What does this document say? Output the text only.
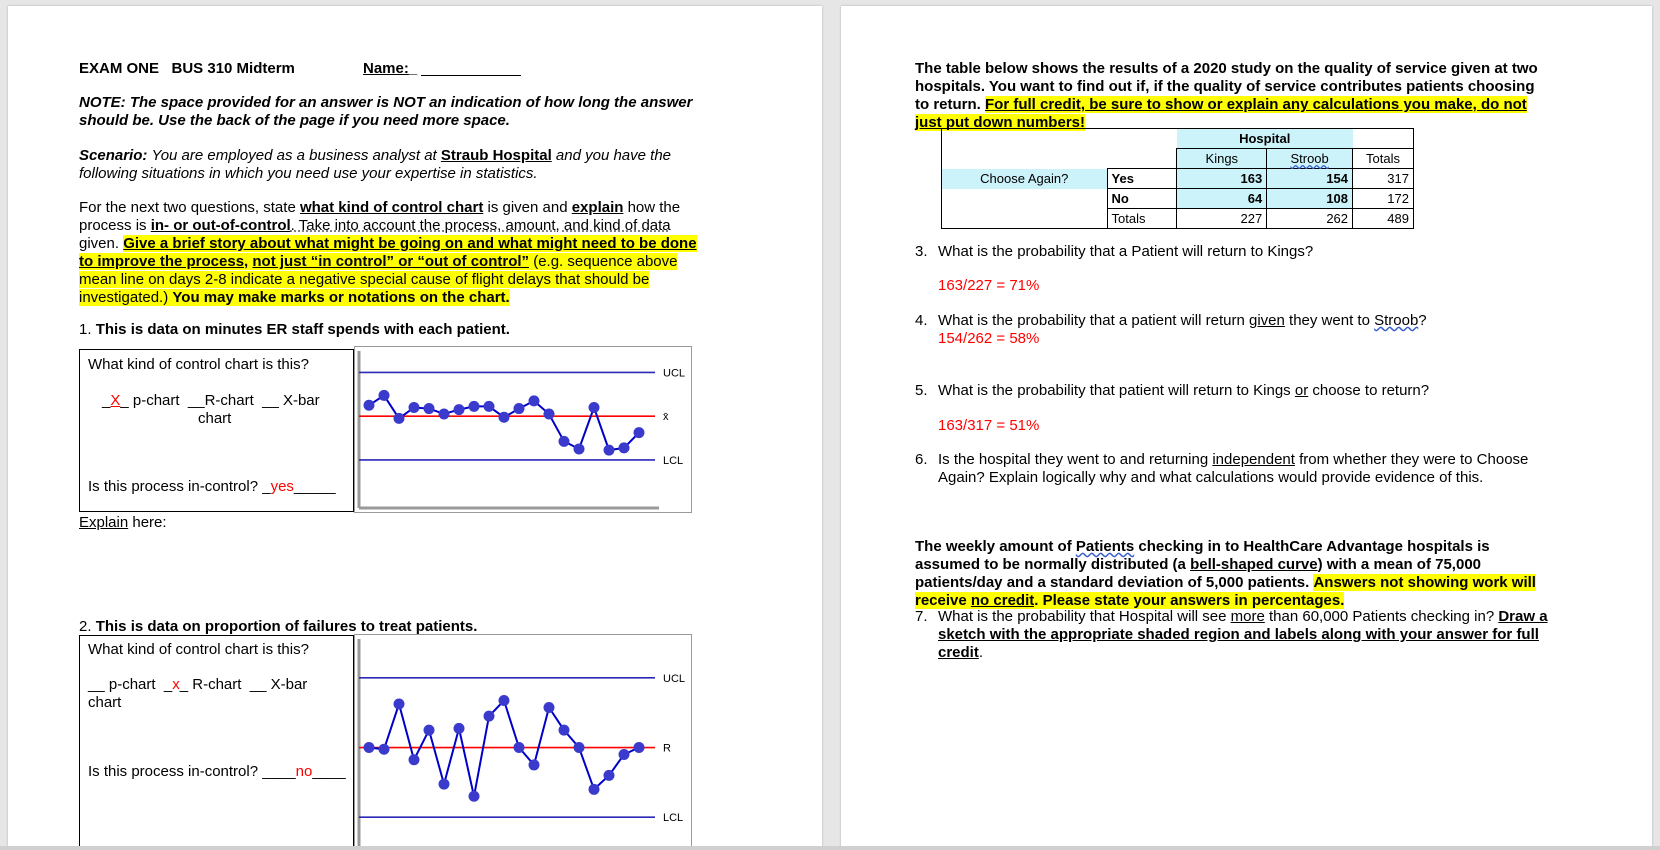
EXAM ONE   BUS 310 Midterm	Name:_
NOTE: The space provided for an answer is NOT an indication of how long the answer should be. Use the back of the page if you need more space.
Scenario: You are employed as a business analyst at Straub Hospital and you have the
following situations in which you need use your expertise in statistics.
For the next two questions, state what kind of control chart is given and explain how the
process is in- or out-of-control. Take into account the process, amount, and kind of data
given. Give a brief story about what might be going on and what might need to be done
to improve the process, not just “in control” or “out of control” (e.g. sequence above
mean line on days 2-8 indicate a negative special cause of flight delays that should be
investigated.) You may make marks or notations on the chart.
1. This is data on minutes ER staff spends with each patient.
What kind of control chart is this?
_X_ p-chart  __R-chart  __ X-bar
chart
Is this process in-control? _yes_____
UCL
x̄
LCL
Explain here:
2. This is data on proportion of failures to treat patients.
What kind of control chart is this?
__ p-chart  _x_ R-chart  __ X-bar
chart
Is this process in-control? ____no____
UCL
R
LCL
The table below shows the results of a 2020 study on the quality of service given at two
hospitals. You want to find out if, if the quality of service contributes patients choosing
to return. For full credit, be sure to show or explain any calculations you make, do not
just put down numbers!
		Hospital		
		Kings	Stroob	Totals
Choose Again?	Yes	163	154	317
	No	64	108	172
	Totals	227	262	489
3. What is the probability that a Patient will return to Kings?
163/227 = 71%
4. What is the probability that a patient will return given they went to Stroob?
154/262 = 58%
5. What is the probability that patient will return to Kings or choose to return?
163/317 = 51%
6. Is the hospital they went to and returning independent from whether they were to Choose
Again? Explain logically why and what calculations would provide evidence of this.
The weekly amount of Patients checking in to HealthCare Advantage hospitals is
assumed to be normally distributed (a bell-shaped curve) with a mean of 75,000
patients/day and a standard deviation of 5,000 patients. Answers not showing work will
receive no credit. Please state your answers in percentages.
7. What is the probability that Hospital will see more than 60,000 Patients checking in? Draw a
sketch with the appropriate shaded region and labels along with your answer for full
credit.
